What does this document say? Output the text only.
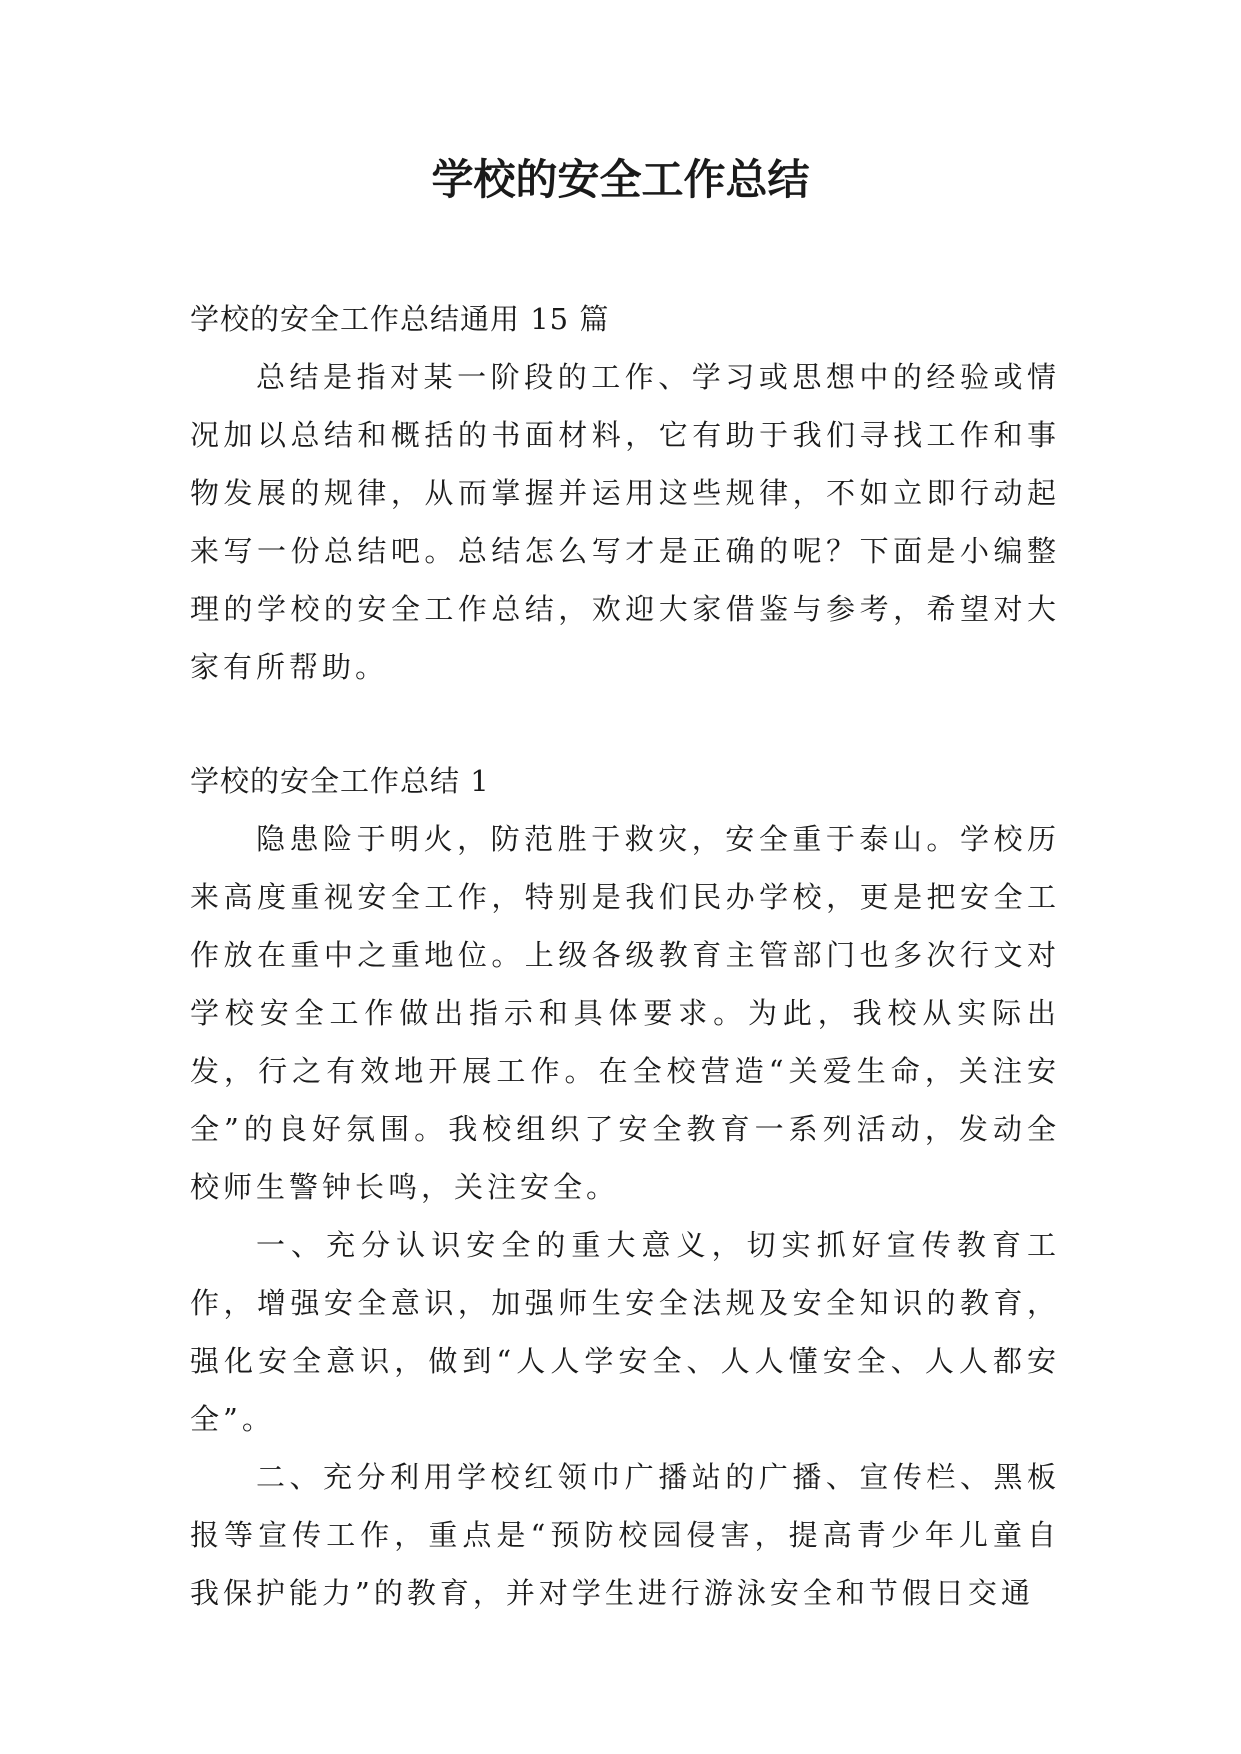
学校的安全工作总结

学校的安全工作总结通用 15 篇

总结是指对某一阶段的工作、学习或思想中的经验或情况加以总结和概括的书面材料，它有助于我们寻找工作和事物发展的规律，从而掌握并运用这些规律，不如立即行动起来写一份总结吧。总结怎么写才是正确的呢？下面是小编整理的学校的安全工作总结，欢迎大家借鉴与参考，希望对大家有所帮助。

学校的安全工作总结 1

隐患险于明火，防范胜于救灾，安全重于泰山。学校历来高度重视安全工作，特别是我们民办学校，更是把安全工作放在重中之重地位。上级各级教育主管部门也多次行文对学校安全工作做出指示和具体要求。为此，我校从实际出发，行之有效地开展工作。在全校营造“关爱生命，关注安全”的良好氛围。我校组织了安全教育一系列活动，发动全校师生警钟长鸣，关注安全。

一、充分认识安全的重大意义，切实抓好宣传教育工作，增强安全意识，加强师生安全法规及安全知识的教育，强化安全意识，做到“人人学安全、人人懂安全、人人都安全”。

二、充分利用学校红领巾广播站的广播、宣传栏、黑板报等宣传工作，重点是“预防校园侵害，提高青少年儿童自我保护能力”的教育，并对学生进行游泳安全和节假日交通
